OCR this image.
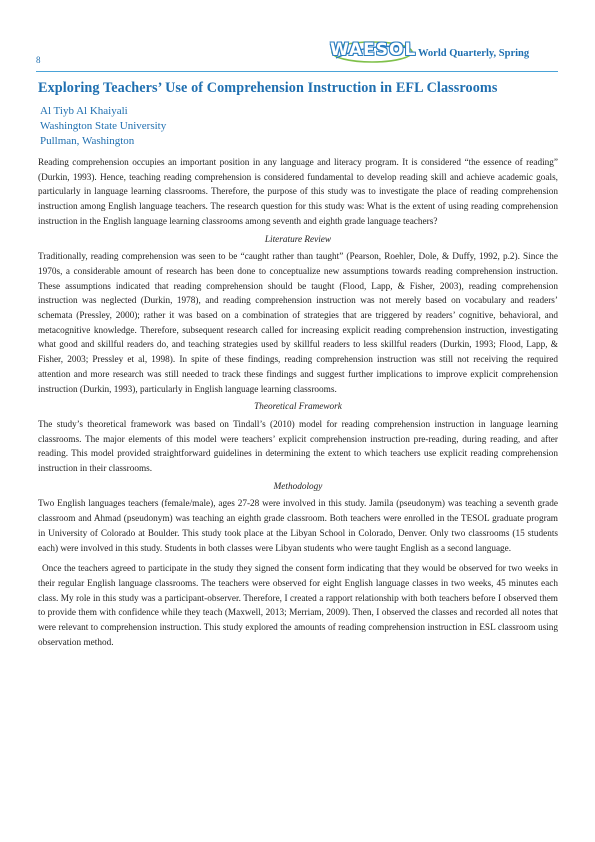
8	WAESOL World Quarterly, Spring
Exploring Teachers’ Use of Comprehension Instruction in EFL Classrooms
Al Tiyb Al Khaiyali
Washington State University
Pullman, Washington

Reading comprehension occupies an important position in any language and literacy program. It is considered “the essence of reading” (Durkin, 1993). Hence, teaching reading comprehension is considered fundamental to develop reading skill and achieve academic goals, particularly in language learning classrooms. Therefore, the purpose of this study was to investigate the place of reading comprehension instruction among English language teachers. The research question for this study was: What is the extent of using reading comprehension instruction in the English language learning classrooms among seventh and eighth grade language teachers?

Literature Review

Traditionally, reading comprehension was seen to be “caught rather than taught” (Pearson, Roehler, Dole, & Duffy, 1992, p.2). Since the 1970s, a considerable amount of research has been done to conceptualize new assumptions towards reading comprehension instruction. These assumptions indicated that reading comprehension should be taught (Flood, Lapp, & Fisher, 2003), reading comprehension instruction was neglected (Durkin, 1978), and reading comprehension instruction was not merely based on vocabulary and readers’ schemata (Pressley, 2000); rather it was based on a combination of strategies that are triggered by readers’ cognitive, behavioral, and metacognitive knowledge. Therefore, subsequent research called for increasing explicit reading comprehension instruction, investigating what good and skillful readers do, and teaching strategies used by skillful readers to less skillful readers (Durkin, 1993; Flood, Lapp, & Fisher, 2003; Pressley et al, 1998). In spite of these findings, reading comprehension instruction was still not receiving the required attention and more research was still needed to track these findings and suggest further implications to improve explicit comprehension instruction (Durkin, 1993), particularly in English language learning classrooms.

Theoretical Framework

The study’s theoretical framework was based on Tindall’s (2010) model for reading comprehension instruction in language learning classrooms. The major elements of this model were teachers’ explicit comprehension instruction pre-reading, during reading, and after reading. This model provided straightforward guidelines in determining the extent to which teachers use explicit reading comprehension instruction in their classrooms.

Methodology

Two English languages teachers (female/male), ages 27-28 were involved in this study. Jamila (pseudonym) was teaching a seventh grade classroom and Ahmad (pseudonym) was teaching an eighth grade classroom. Both teachers were enrolled in the TESOL graduate program in University of Colorado at Boulder. This study took place at the Libyan School in Colorado, Denver. Only two classrooms (15 students each) were involved in this study. Students in both classes were Libyan students who were taught English as a second language.

Once the teachers agreed to participate in the study they signed the consent form indicating that they would be observed for two weeks in their regular English language classrooms. The teachers were observed for eight English language classes in two weeks, 45 minutes each class. My role in this study was a participant-observer. Therefore, I created a rapport relationship with both teachers before I observed them to provide them with confidence while they teach (Maxwell, 2013; Merriam, 2009). Then, I observed the classes and recorded all notes that were relevant to comprehension instruction. This study explored the amounts of reading comprehension instruction in ESL classroom using observation method.
